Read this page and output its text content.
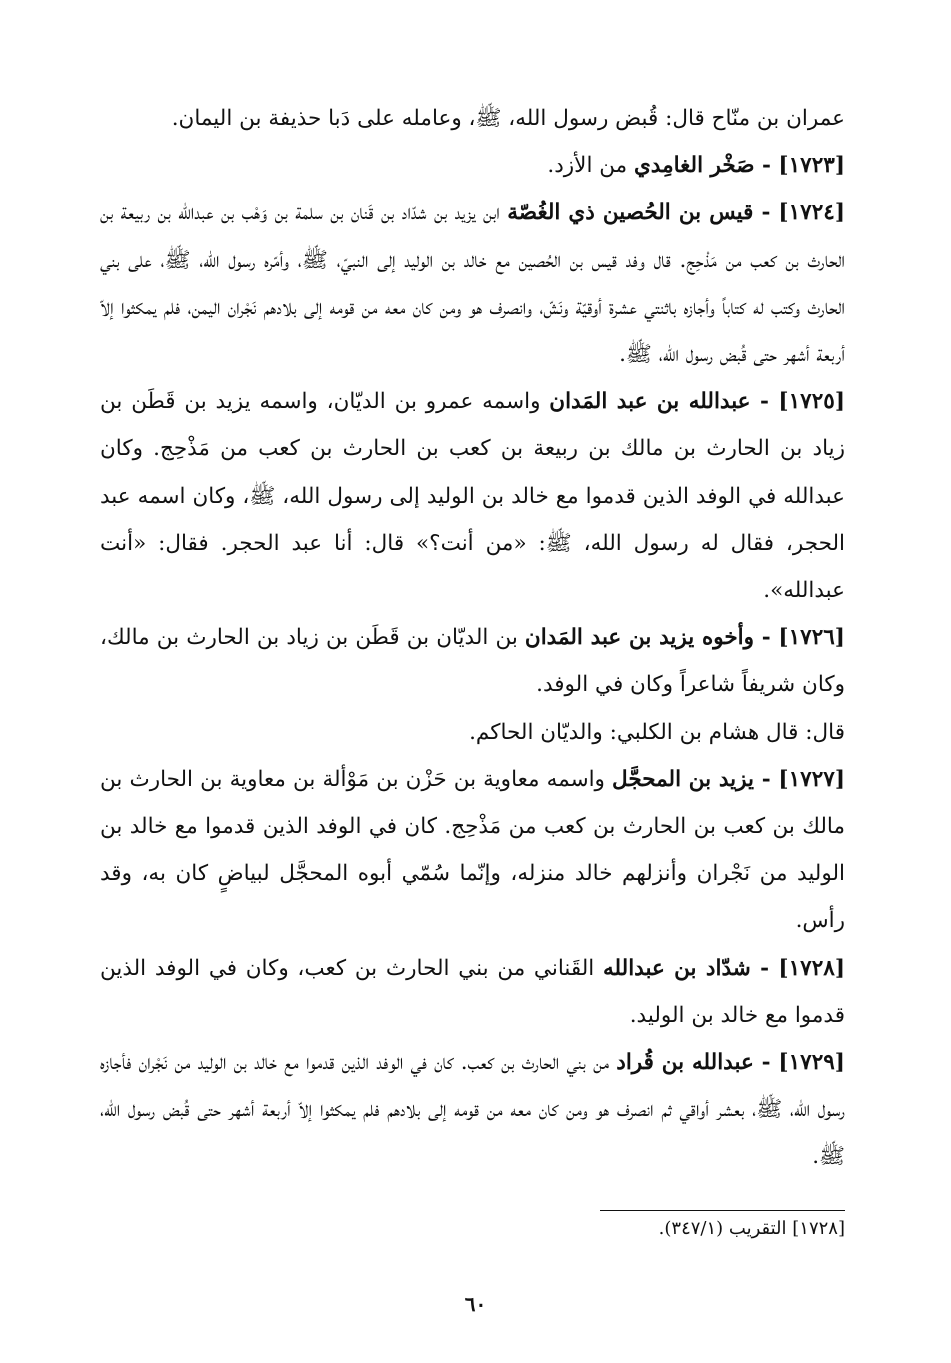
عمران بن منّاح قال: قُبض رسول الله، ﷺ، وعامله على دَبا حذيفة بن اليمان.

[١٧٢٣] - صَخْر الغامِدي من الأزد.

[١٧٢٤] - قيس بن الحُصين ذي الغُصّة ابن يزيد بن شدّاد بن قَنان بن سلمة بن وَهْب بن عبدالله بن ربيعة بن الحارث بن كعب من مَذْحِج. قال وفد قيس بن الحُصين مع خالد بن الوليد إلى النبيّ، ﷺ، وأمّره رسول الله، ﷺ، على بني الحارث وكتب له كتاباً وأجازه باثنتي عشرة أوقيّة ونَشّ، وانصرف هو ومن كان معه من قومه إلى بلادهم نَجْران اليمن، فلم يمكثوا إلاّ أربعة أشهر حتى قُبض رسول الله، ﷺ.

[١٧٢٥] - عبدالله بن عبد المَدان واسمه عمرو بن الديّان، واسمه يزيد بن قَطَن بن زياد بن الحارث بن مالك بن ربيعة بن كعب بن الحارث بن كعب من مَذْحِج. وكان عبدالله في الوفد الذين قدموا مع خالد بن الوليد إلى رسول الله، ﷺ، وكان اسمه عبد الحجر، فقال له رسول الله، ﷺ: «من أنت؟» قال: أنا عبد الحجر. فقال: «أنت عبدالله».

[١٧٢٦] - وأخوه يزيد بن عبد المَدان بن الديّان بن قَطَن بن زياد بن الحارث بن مالك، وكان شريفاً شاعراً وكان في الوفد.

قال: قال هشام بن الكلبي: والديّان الحاكم.

[١٧٢٧] - يزيد بن المحجَّل واسمه معاوية بن حَزْن بن مَوْألة بن معاوية بن الحارث بن مالك بن كعب بن الحارث بن كعب من مَذْحِج. كان في الوفد الذين قدموا مع خالد بن الوليد من نَجْران وأنزلهم خالد منزله، وإنّما سُمّي أبوه المحجَّل لبياضٍ كان به، وقد رأس.

[١٧٢٨] - شدّاد بن عبدالله القَناني من بني الحارث بن كعب، وكان في الوفد الذين قدموا مع خالد بن الوليد.

[١٧٢٩] - عبدالله بن قُراد من بني الحارث بن كعب. كان في الوفد الذين قدموا مع خالد بن الوليد من نَجْران فأجازه رسول الله، ﷺ، بعشر أواقي ثم انصرف هو ومن كان معه من قومه إلى بلادهم فلم يمكثوا إلاّ أربعة أشهر حتى قُبض رسول الله، ﷺ.

[١٧٢٨] التقريب (٣٤٧/١).
٦٠
